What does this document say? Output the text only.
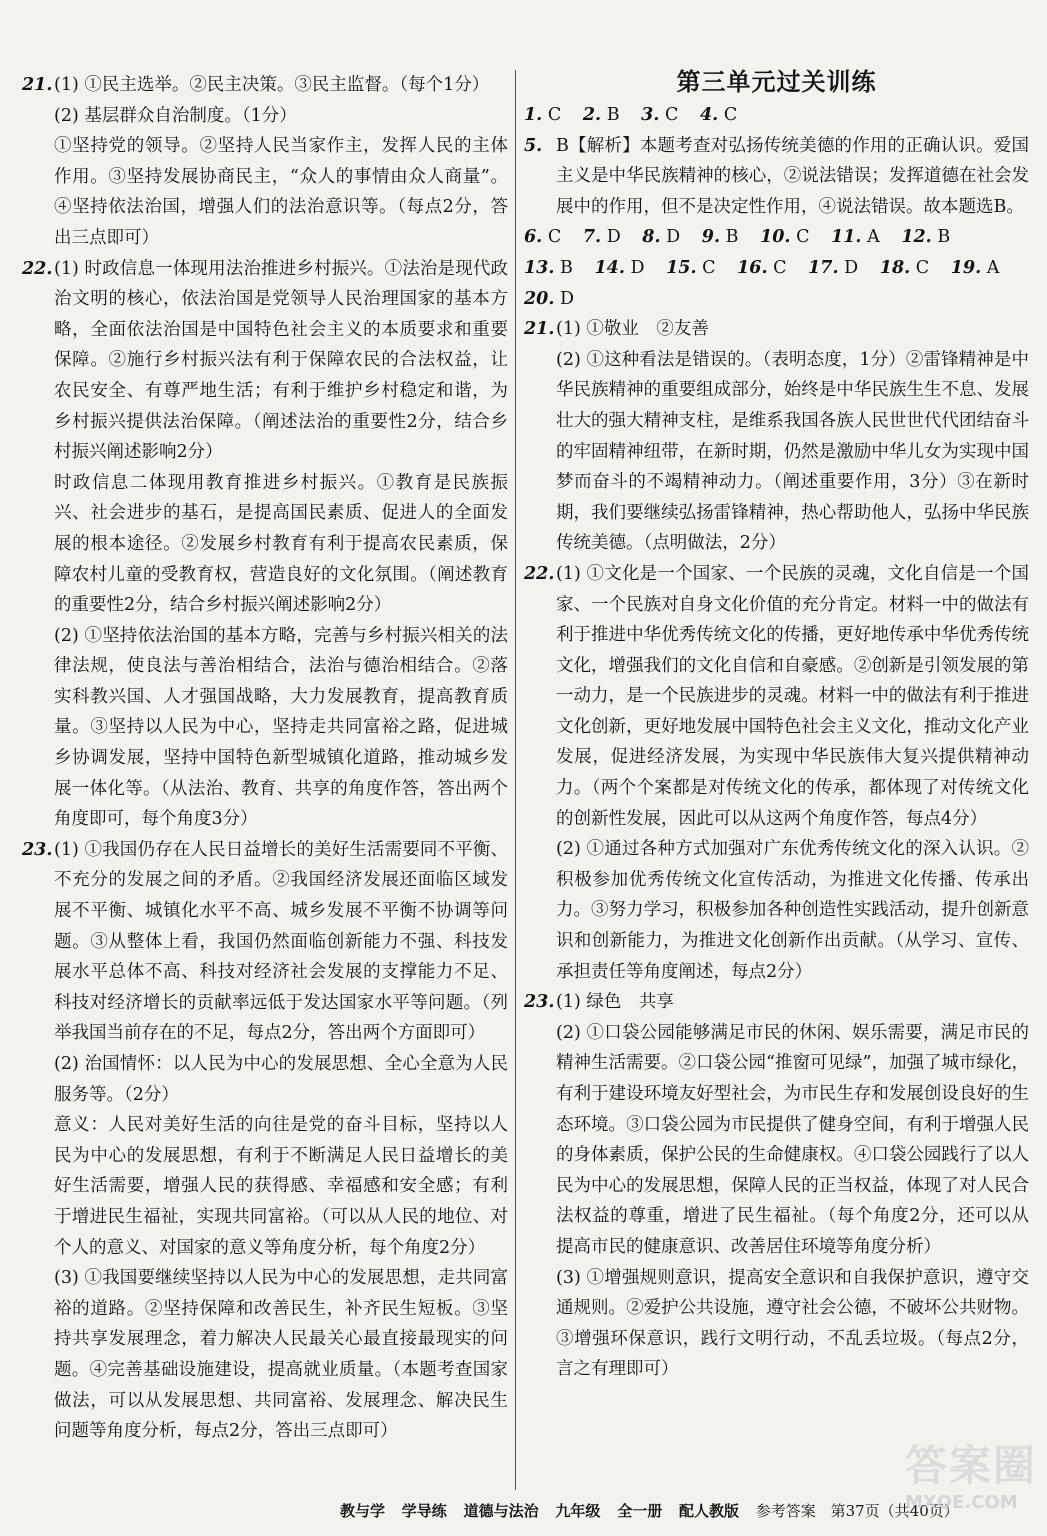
21.(1) ①民主选举。②民主决策。③民主监督。（每个1分）

(2) 基层群众自治制度。（1分）

①坚持党的领导。②坚持人民当家作主，发挥人民的主体作用。③坚持发展协商民主，“众人的事情由众人商量”。④坚持依法治国，增强人们的法治意识等。（每点2分，答出三点即可）

22.(1) 时政信息一体现用法治推进乡村振兴。①法治是现代政治文明的核心，依法治国是党领导人民治理国家的基本方略，全面依法治国是中国特色社会主义的本质要求和重要保障。②施行乡村振兴法有利于保障农民的合法权益，让农民安全、有尊严地生活；有利于维护乡村稳定和谐，为乡村振兴提供法治保障。（阐述法治的重要性2分，结合乡村振兴阐述影响2分）

时政信息二体现用教育推进乡村振兴。①教育是民族振兴、社会进步的基石，是提高国民素质、促进人的全面发展的根本途径。②发展乡村教育有利于提高农民素质，保障农村儿童的受教育权，营造良好的文化氛围。（阐述教育的重要性2分，结合乡村振兴阐述影响2分）

(2) ①坚持依法治国的基本方略，完善与乡村振兴相关的法律法规，使良法与善治相结合，法治与德治相结合。②落实科教兴国、人才强国战略，大力发展教育，提高教育质量。③坚持以人民为中心，坚持走共同富裕之路，促进城乡协调发展，坚持中国特色新型城镇化道路，推动城乡发展一体化等。（从法治、教育、共享的角度作答，答出两个角度即可，每个角度3分）

23.(1) ①我国仍存在人民日益增长的美好生活需要同不平衡、不充分的发展之间的矛盾。②我国经济发展还面临区域发展不平衡、城镇化水平不高、城乡发展不平衡不协调等问题。③从整体上看，我国仍然面临创新能力不强、科技发展水平总体不高、科技对经济社会发展的支撑能力不足、科技对经济增长的贡献率远低于发达国家水平等问题。（列举我国当前存在的不足，每点2分，答出两个方面即可）

(2) 治国情怀：以人民为中心的发展思想、全心全意为人民服务等。（2分）

意义：人民对美好生活的向往是党的奋斗目标，坚持以人民为中心的发展思想，有利于不断满足人民日益增长的美好生活需要，增强人民的获得感、幸福感和安全感；有利于增进民生福祉，实现共同富裕。（可以从人民的地位、对个人的意义、对国家的意义等角度分析，每个角度2分）

(3) ①我国要继续坚持以人民为中心的发展思想，走共同富裕的道路。②坚持保障和改善民生，补齐民生短板。③坚持共享发展理念，着力解决人民最关心最直接最现实的问题。④完善基础设施建设，提高就业质量。（本题考查国家做法，可以从发展思想、共同富裕、发展理念、解决民生问题等角度分析，每点2分，答出三点即可）

第三单元过关训练

1. C 2. B 3. C 4. C

5. B【解析】本题考查对弘扬传统美德的作用的正确认识。爱国主义是中华民族精神的核心，②说法错误；发挥道德在社会发展中的作用，但不是决定性作用，④说法错误。故本题选B。

6. C 7. D 8. D 9. B 10. C 11. A 12. B

13. B 14. D 15. C 16. C 17. D 18. C 19. A

20. D

21.(1) ①敬业　②友善

(2) ①这种看法是错误的。（表明态度，1分）②雷锋精神是中华民族精神的重要组成部分，始终是中华民族生生不息、发展壮大的强大精神支柱，是维系我国各族人民世世代代团结奋斗的牢固精神纽带，在新时期，仍然是激励中华儿女为实现中国梦而奋斗的不竭精神动力。（阐述重要作用，3分）③在新时期，我们要继续弘扬雷锋精神，热心帮助他人，弘扬中华民族传统美德。（点明做法，2分）

22.(1) ①文化是一个国家、一个民族的灵魂，文化自信是一个国家、一个民族对自身文化价值的充分肯定。材料一中的做法有利于推进中华优秀传统文化的传播，更好地传承中华优秀传统文化，增强我们的文化自信和自豪感。②创新是引领发展的第一动力，是一个民族进步的灵魂。材料一中的做法有利于推进文化创新，更好地发展中国特色社会主义文化，推动文化产业发展，促进经济发展，为实现中华民族伟大复兴提供精神动力。（两个个案都是对传统文化的传承，都体现了对传统文化的创新性发展，因此可以从这两个角度作答，每点4分）

(2) ①通过各种方式加强对广东优秀传统文化的深入认识。②积极参加优秀传统文化宣传活动，为推进文化传播、传承出力。③努力学习，积极参加各种创造性实践活动，提升创新意识和创新能力，为推进文化创新作出贡献。（从学习、宣传、承担责任等角度阐述，每点2分）

23.(1) 绿色　共享

(2) ①口袋公园能够满足市民的休闲、娱乐需要，满足市民的精神生活需要。②口袋公园“推窗可见绿”，加强了城市绿化，有利于建设环境友好型社会，为市民生存和发展创设良好的生态环境。③口袋公园为市民提供了健身空间，有利于增强人民的身体素质，保护公民的生命健康权。④口袋公园践行了以人民为中心的发展思想，保障人民的正当权益，体现了对人民合法权益的尊重，增进了民生福祉。（每个角度2分，还可以从提高市民的健康意识、改善居住环境等角度分析）

(3) ①增强规则意识，提高安全意识和自我保护意识，遵守交通规则。②爱护公共设施，遵守社会公德，不破坏公共财物。③增强环保意识，践行文明行动，不乱丢垃圾。（每点2分，言之有理即可）

教与学 学导练 道德与法治 九年级 全一册 配人教版 参考答案 第37页（共40页）
答案圈
MXQE.COM
